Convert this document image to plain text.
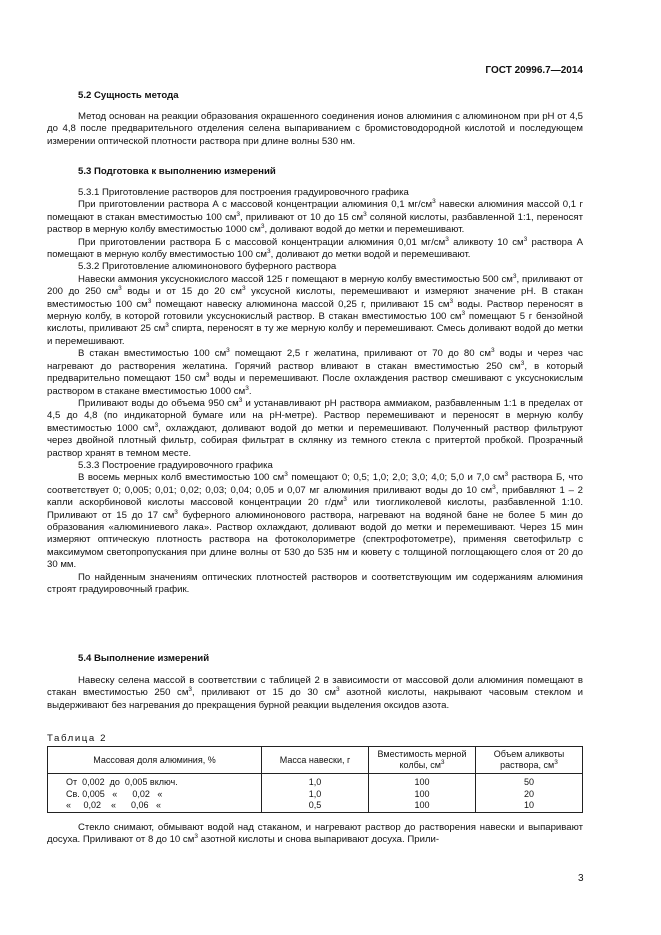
ГОСТ 20996.7—2014

5.2 Сущность метода

Метод основан на реакции образования окрашенного соединения ионов алюминия с алюминоном при pH от 4,5 до 4,8 после предварительного отделения селена выпариванием с бромистоводородной кислотой и последующем измерении оптической плотности раствора при длине волны 530 нм.

5.3 Подготовка к выполнению измерений

5.3.1 Приготовление растворов для построения градуировочного графика
При приготовлении раствора А с массовой концентрации алюминия 0,1 $мг/см^3$ навески алюминия массой 0,1 г помещают в стакан вместимостью 100 $см^3$, приливают от 10 до 15 $см^3$ соляной кислоты, разбавленной 1:1, переносят раствор в мерную колбу вместимостью 1000 $см^3$, доливают водой до метки и перемешивают.
При приготовлении раствора Б с массовой концентрации алюминия 0,01 $мг/см^3$ аликвоту 10 $см^3$ раствора А помещают в мерную колбу вместимостью 100 $см^3$, доливают до метки водой и перемешивают.
5.3.2 Приготовление алюминонового буферного раствора
Навески аммония уксуснокислого массой 125 г помещают в мерную колбу вместимостью 500 $см^3$, приливают от 200 до 250 $см^3$ воды и от 15 до 20 $см^3$ уксусной кислоты, перемешивают и измеряют значение pH. В стакан вместимостью 100 $см^3$ помещают навеску алюминона массой 0,25 г, приливают 15 $см^3$ воды. Раствор переносят в мерную колбу, в которой готовили уксуснокислый раствор. В стакан вместимостью 100 $см^3$ помещают 5 г бензойной кислоты, приливают 25 $см^3$ спирта, переносят в ту же мерную колбу и перемешивают. Смесь доливают водой до метки и перемешивают.
В стакан вместимостью 100 $см^3$ помещают 2,5 г желатина, приливают от 70 до 80 $см^3$ воды и через час нагревают до растворения желатина. Горячий раствор вливают в стакан вместимостью 250 $см^3$, в который предварительно помещают 150 $см^3$ воды и перемешивают. После охлаждения раствор смешивают с уксуснокислым раствором в стакане вместимостью 1000 $см^3$.
Приливают воды до объема 950 $см^3$ и устанавливают pH раствора аммиаком, разбавленным 1:1 в пределах от 4,5 до 4,8 (по индикаторной бумаге или на pH-метре). Раствор перемешивают и переносят в мерную колбу вместимостью 1000 $см^3$, охлаждают, доливают водой до метки и перемешивают. Полученный раствор фильтруют через двойной плотный фильтр, собирая фильтрат в склянку из темного стекла с притертой пробкой. Прозрачный раствор хранят в темном месте.
5.3.3 Построение градуировочного графика
В восемь мерных колб вместимостью 100 $см^3$ помещают 0; 0,5; 1,0; 2,0; 3,0; 4,0; 5,0 и 7,0 $см^3$ раствора Б, что соответствует 0; 0,005; 0,01; 0,02; 0,03; 0,04; 0,05 и 0,07 мг алюминия приливают воды до 10 $см^3$, прибавляют 1 – 2 капли аскорбиновой кислоты массовой концентрации 20 $г/дм^3$ или тиогликолевой кислоты, разбавленной 1:10. Приливают от 15 до 17 $см^3$ буферного алюминонового раствора, нагревают на водяной бане не более 5 мин до образования «алюминиевого лака». Раствор охлаждают, доливают водой до метки и перемешивают. Через 15 мин измеряют оптическую плотность раствора на фотоколориметре (спектрофотометре), применяя светофильтр с максимумом светопропускания при длине волны от 530 до 535 нм и кювету с толщиной поглощающего слоя от 20 до 30 мм.
По найденным значениям оптических плотностей растворов и соответствующим им содержаниям алюминия строят градуировочный график.

5.4 Выполнение измерений

Навеску селена массой в соответствии с таблицей 2 в зависимости от массовой доли алюминия помещают в стакан вместимостью 250 $см^3$, приливают от 15 до 30 $см^3$ азотной кислоты, накрывают часовым стеклом и выдерживают без нагревания до прекращения бурной реакции выделения оксидов азота.
Таблица 2
Массовая доля алюминия, %	Масса навески, г	Вместимость мерной колбы, $см^3$	Объем аликвоты раствора, $см^3$
От  0,002  до  0,005 включ.	1,0	100	50
Св. 0,005   «      0,02   «	1,0	100	20
«     0,02    «      0,06   «	0,5	100	10
Стекло снимают, обмывают водой над стаканом, и нагревают раствор до растворения навески и выпаривают досуха. Приливают от 8 до 10 $см^3$ азотной кислоты и снова выпаривают досуха. Прили-
3
